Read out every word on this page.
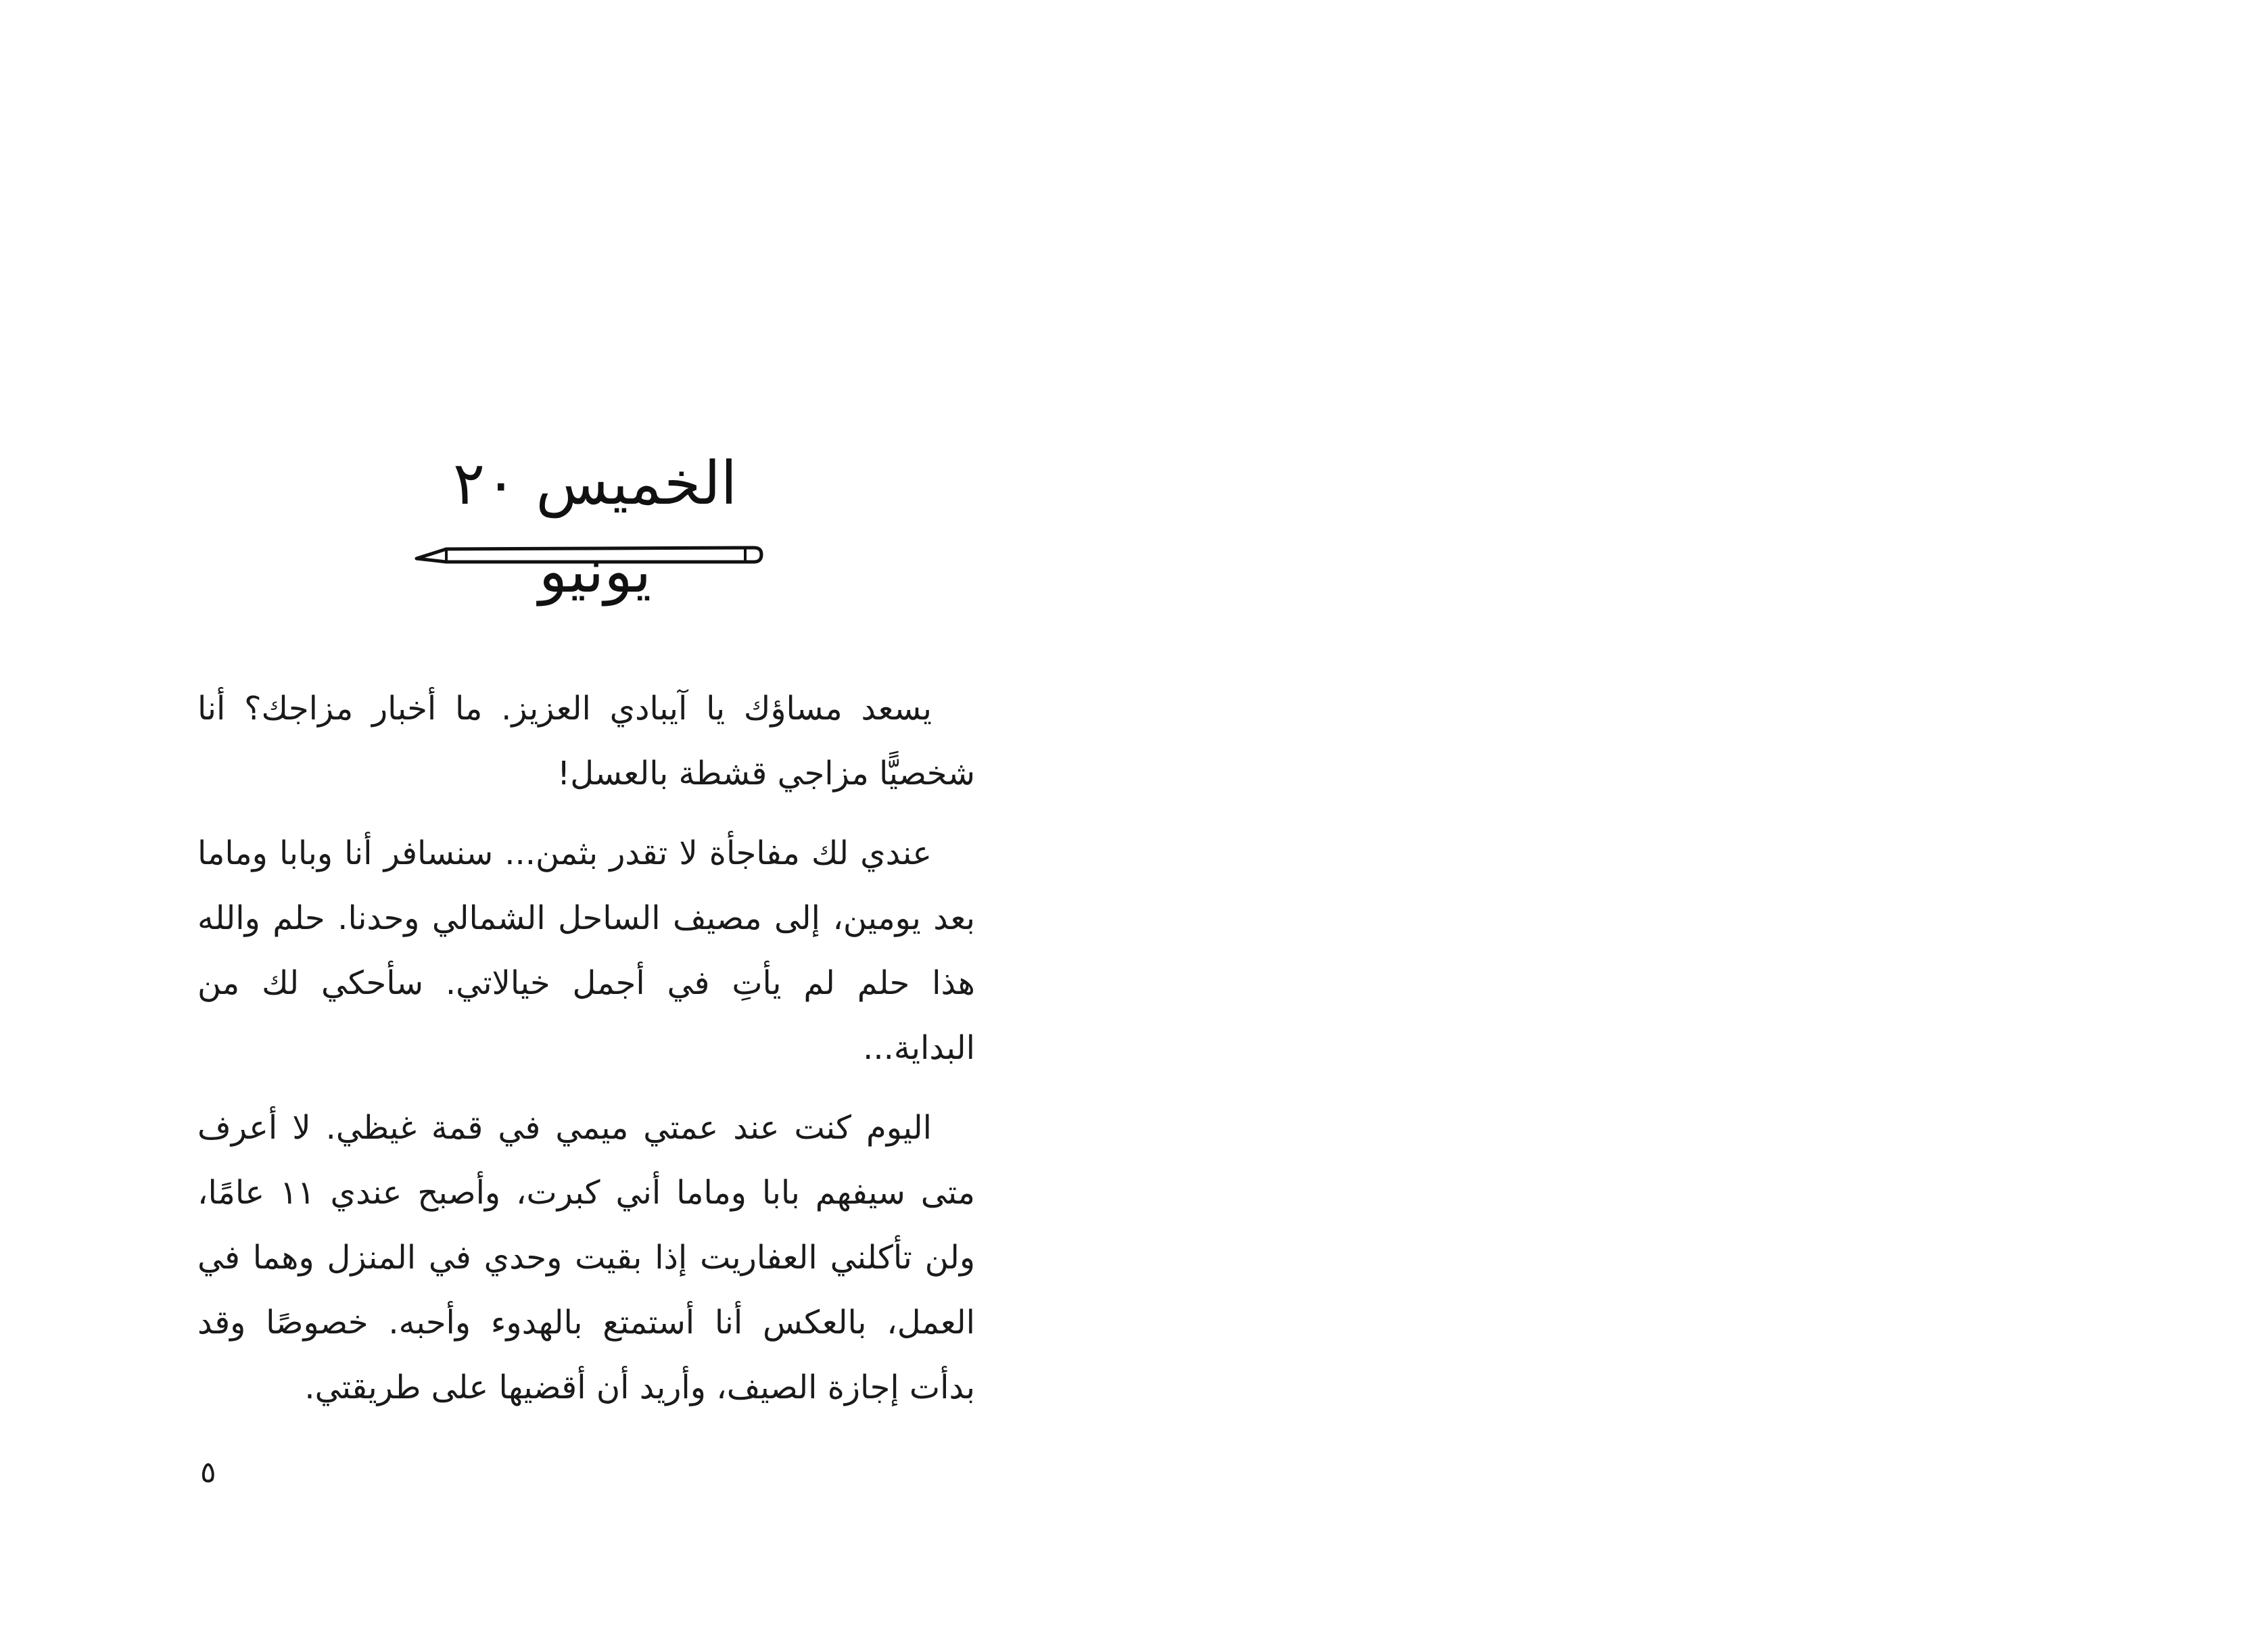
الخميس ٢٠ يونيو

يسعد مساؤك يا آيبادي العزيز. ما أخبار مزاجك؟ أنا شخصيًّا مزاجي قشطة بالعسل!

عندي لك مفاجأة لا تقدر بثمن... سنسافر أنا وبابا وماما بعد يومين، إلى مصيف الساحل الشمالي وحدنا. حلم والله هذا حلم لم يأتِ في أجمل خيالاتي. سأحكي لك من البداية...

اليوم كنت عند عمتي ميمي في قمة غيظي. لا أعرف متى سيفهم بابا وماما أني كبرت، وأصبح عندي ١١ عامًا، ولن تأكلني العفاريت إذا بقيت وحدي في المنزل وهما في العمل، بالعكس أنا أستمتع بالهدوء وأحبه. خصوصًا وقد بدأت إجازة الصيف، وأريد أن أقضيها على طريقتي.

٥
